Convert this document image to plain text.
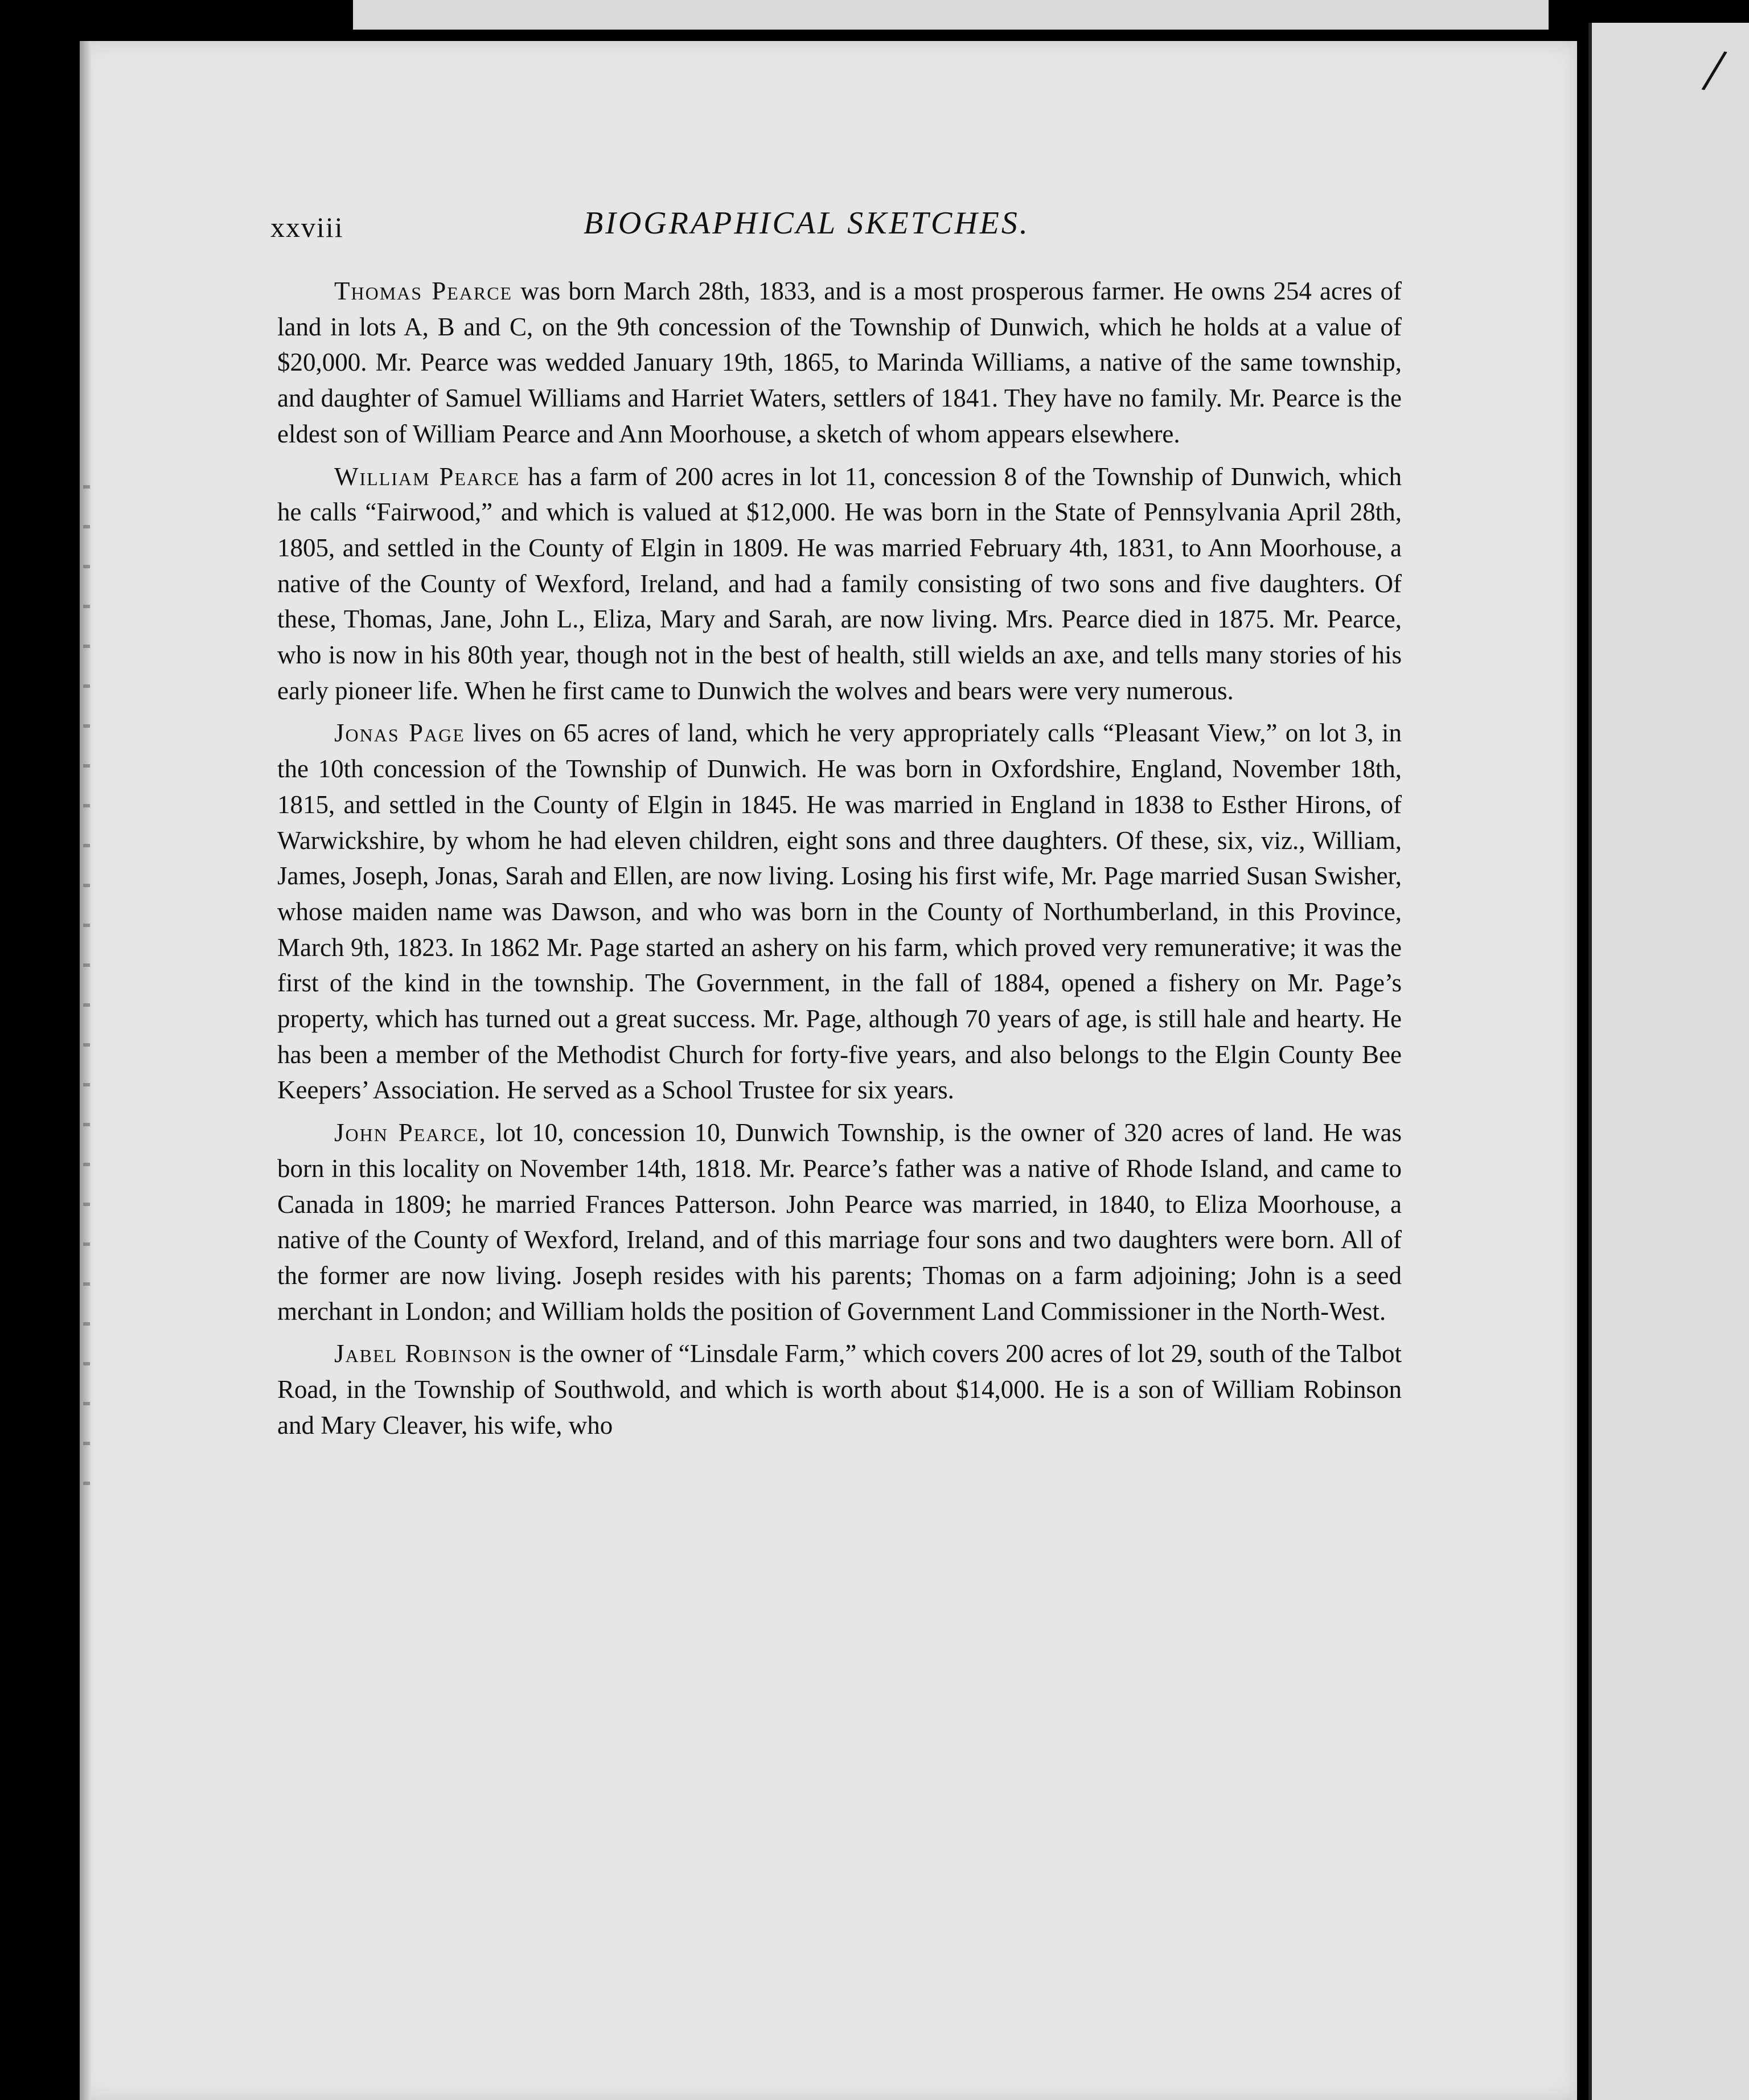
/
xxviii	BIOGRAPHICAL SKETCHES.

Thomas Pearce was born March 28th, 1833, and is a most prosperous farmer. He owns 254 acres of land in lots A, B and C, on the 9th concession of the Township of Dunwich, which he holds at a value of $20,000. Mr. Pearce was wedded January 19th, 1865, to Marinda Williams, a native of the same township, and daughter of Samuel Williams and Harriet Waters, settlers of 1841. They have no family. Mr. Pearce is the eldest son of William Pearce and Ann Moorhouse, a sketch of whom appears elsewhere.

William Pearce has a farm of 200 acres in lot 11, concession 8 of the Township of Dunwich, which he calls “Fairwood,” and which is valued at $12,000. He was born in the State of Pennsylvania April 28th, 1805, and settled in the County of Elgin in 1809. He was married February 4th, 1831, to Ann Moorhouse, a native of the County of Wexford, Ireland, and had a family consisting of two sons and five daughters. Of these, Thomas, Jane, John L., Eliza, Mary and Sarah, are now living. Mrs. Pearce died in 1875. Mr. Pearce, who is now in his 80th year, though not in the best of health, still wields an axe, and tells many stories of his early pioneer life. When he first came to Dunwich the wolves and bears were very numerous.

Jonas Page lives on 65 acres of land, which he very appropriately calls “Pleasant View,” on lot 3, in the 10th concession of the Township of Dunwich. He was born in Oxfordshire, England, November 18th, 1815, and settled in the County of Elgin in 1845. He was married in England in 1838 to Esther Hirons, of Warwickshire, by whom he had eleven children, eight sons and three daughters. Of these, six, viz., William, James, Joseph, Jonas, Sarah and Ellen, are now living. Losing his first wife, Mr. Page married Susan Swisher, whose maiden name was Dawson, and who was born in the County of Northumberland, in this Province, March 9th, 1823. In 1862 Mr. Page started an ashery on his farm, which proved very remunerative; it was the first of the kind in the township. The Government, in the fall of 1884, opened a fishery on Mr. Page’s property, which has turned out a great success. Mr. Page, although 70 years of age, is still hale and hearty. He has been a member of the Methodist Church for forty-five years, and also belongs to the Elgin County Bee Keepers’ Association. He served as a School Trustee for six years.

John Pearce, lot 10, concession 10, Dunwich Township, is the owner of 320 acres of land. He was born in this locality on November 14th, 1818. Mr. Pearce’s father was a native of Rhode Island, and came to Canada in 1809; he married Frances Patterson. John Pearce was married, in 1840, to Eliza Moorhouse, a native of the County of Wexford, Ireland, and of this marriage four sons and two daughters were born. All of the former are now living. Joseph resides with his parents; Thomas on a farm adjoining; John is a seed merchant in London; and William holds the position of Government Land Commissioner in the North-West.

Jabel Robinson is the owner of “Linsdale Farm,” which covers 200 acres of lot 29, south of the Talbot Road, in the Township of Southwold, and which is worth about $14,000. He is a son of William Robinson and Mary Cleaver, his wife, who
